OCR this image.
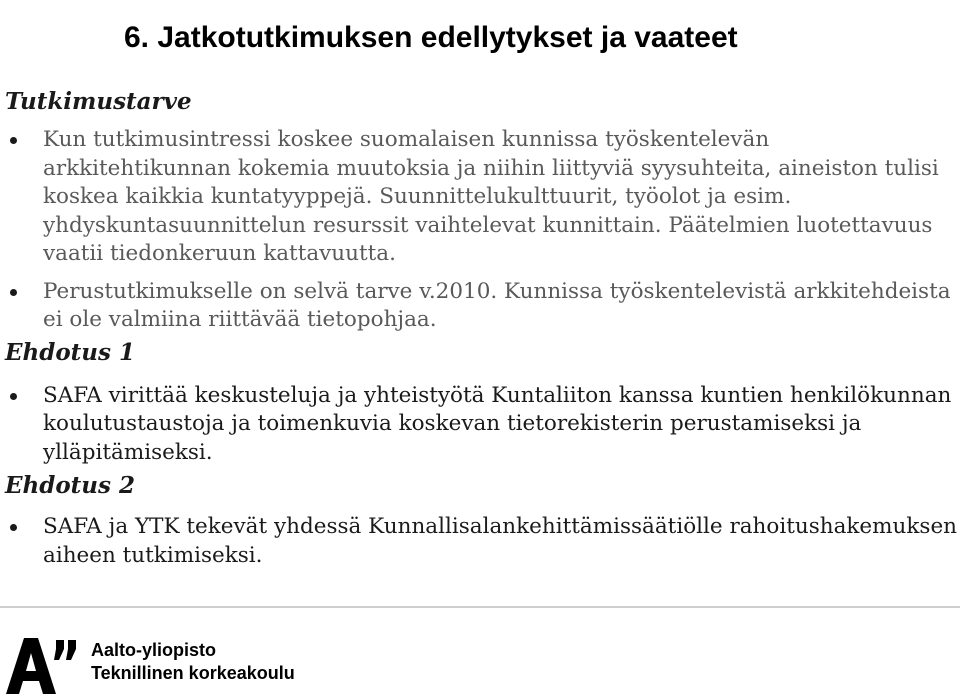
6. Jatkotutkimuksen edellytykset ja vaateet
Tutkimustarve
Kun tutkimusintressi koskee suomalaisen kunnissa työskentelevän arkkitehtikunnan kokemia muutoksia ja niihin liittyviä syysuhteita, aineiston tulisi koskea kaikkia kuntatyyppejä. Suunnittelukulttuurit, työolot ja esim. yhdyskuntasuunnittelun resurssit vaihtelevat kunnittain. Päätelmien luotettavuus vaatii tiedonkeruun kattavuutta.
Perustutkimukselle on selvä tarve v.2010. Kunnissa työskentelevistä arkkitehdeista ei ole valmiina riittävää tietopohjaa.
Ehdotus 1
SAFA virittää keskusteluja ja yhteistyötä Kuntaliiton kanssa kuntien henkilökunnan koulutustaustoja ja toimenkuvia koskevan tietorekisterin perustamiseksi ja ylläpitämiseksi.
Ehdotus 2
SAFA ja YTK tekevät yhdessä Kunnallisalankehittämissäätiölle rahoitushakemuksen aiheen tutkimiseksi.
Aalto-yliopisto
Teknillinen korkeakoulu
